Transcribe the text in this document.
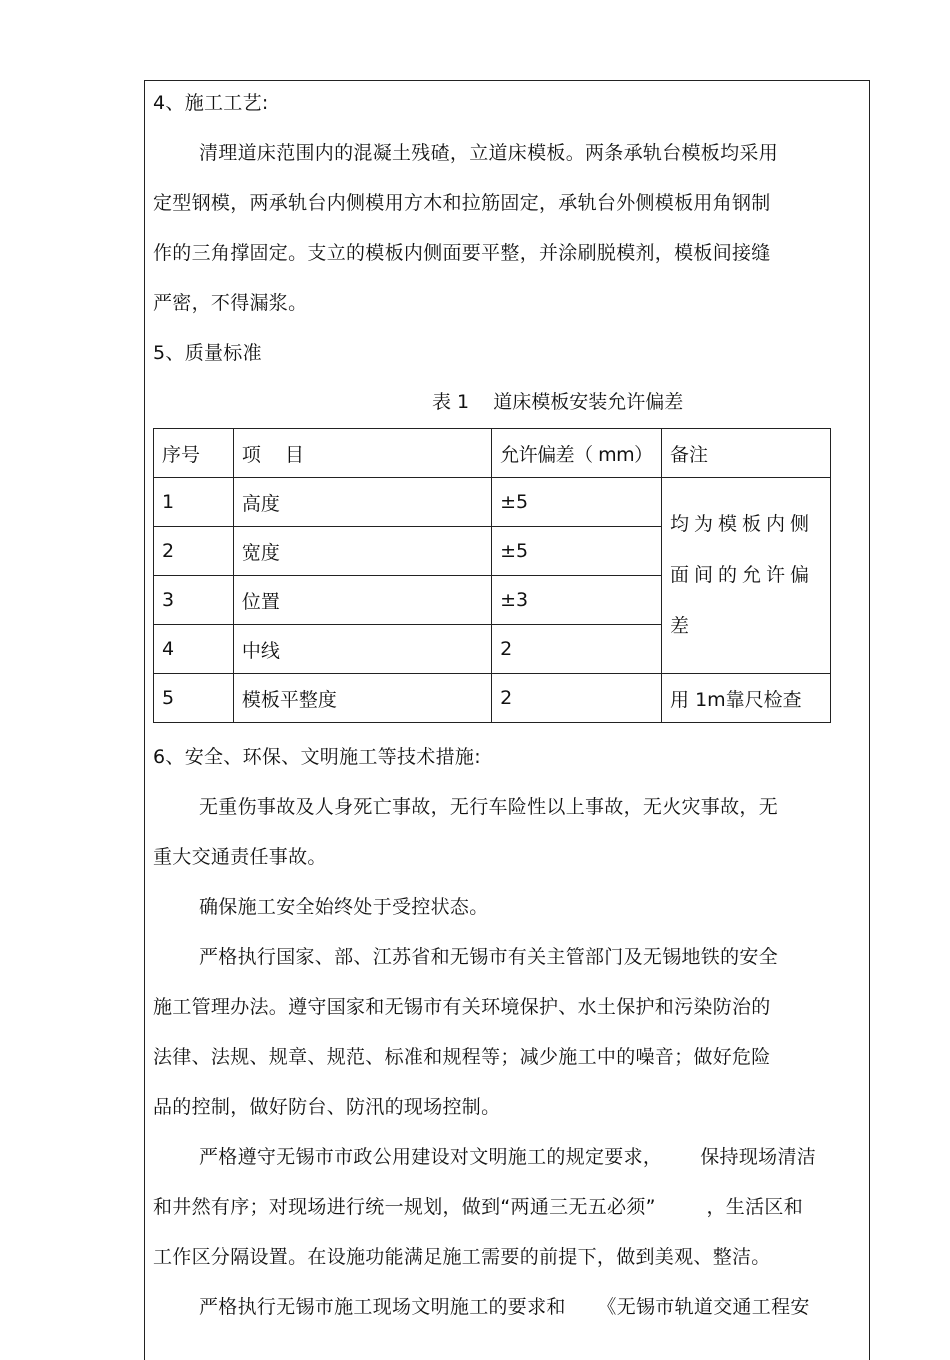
4、施工工艺:
清理道床范围内的混凝土残碴，立道床模板。两条承轨台模板均采用
定型钢模，两承轨台内侧模用方木和拉筋固定，承轨台外侧模板用角钢制
作的三角撑固定。支立的模板内侧面要平整，并涂刷脱模剂，模板间接缝
严密，不得漏浆。
5、质量标准
表 1    道床模板安装允许偏差
序号	项    目	允许偏差（ mm）	备注
1	高度	±5	均为模板内侧
面间的允许偏
差

2	宽度	±5	
3	位置	±3	
4	中线	2	
5	模板平整度	2	用 1m靠尺检查
6、安全、环保、文明施工等技术措施:
无重伤事故及人身死亡事故，无行车险性以上事故，无火灾事故，无
重大交通责任事故。
确保施工安全始终处于受控状态。
严格执行国家、部、江苏省和无锡市有关主管部门及无锡地铁的安全
施工管理办法。遵守国家和无锡市有关环境保护、水土保护和污染防治的
法律、法规、规章、规范、标准和规程等；减少施工中的噪音；做好危险
品的控制，做好防台、防汛的现场控制。
严格遵守无锡市市政公用建设对文明施工的规定要求，      保持现场清洁
和井然有序；对现场进行统一规划，做到“两通三无五必须”        ，生活区和
工作区分隔设置。在设施功能满足施工需要的前提下，做到美观、整洁。
严格执行无锡市施工现场文明施工的要求和     《无锡市轨道交通工程安
